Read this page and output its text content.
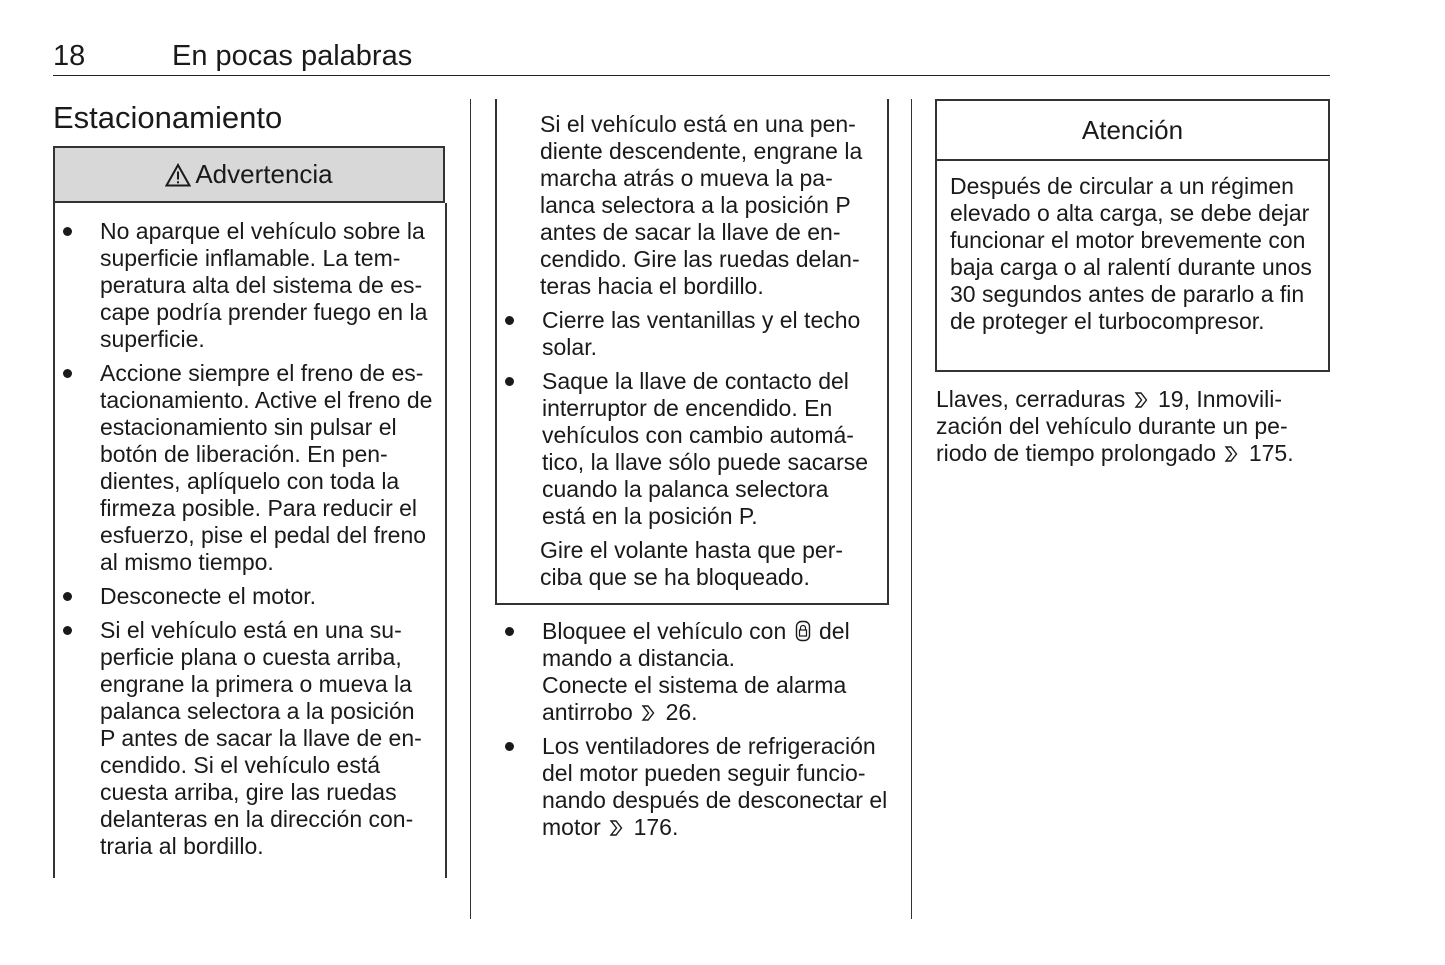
18	En pocas palabras
Estacionamiento
Advertencia
No aparque el vehículo sobre la superficie inflamable. La temperatura alta del sistema de escape podría prender fuego en la superficie.
Accione siempre el freno de estacionamiento. Active el freno de estacionamiento sin pulsar el botón de liberación. En pendientes, aplíquelo con toda la firmeza posible. Para reducir el esfuerzo, pise el pedal del freno al mismo tiempo.
Desconecte el motor.
Si el vehículo está en una superficie plana o cuesta arriba, engrane la primera o mueva la palanca selectora a la posición P antes de sacar la llave de encendido. Si el vehículo está cuesta arriba, gire las ruedas delanteras en la dirección contraria al bordillo.

Si el vehículo está en una pendiente descendente, engrane la marcha atrás o mueva la palanca selectora a la posición P antes de sacar la llave de encendido. Gire las ruedas delanteras hacia el bordillo.

Cierre las ventanillas y el techo solar.
Saque la llave de contacto del interruptor de encendido. En vehículos con cambio automático, la llave sólo puede sacarse cuando la palanca selectora está en la posición P.

Gire el volante hasta que perciba que se ha bloqueado.

Bloquee el vehículo con del mando a distancia.

Conecte el sistema de alarma antirrobo 26.

Los ventiladores de refrigeración del motor pueden seguir funcionando después de desconectar el motor 176.
Atención
Después de circular a un régimen elevado o alta carga, se debe dejar funcionar el motor brevemente con baja carga o al ralentí durante unos 30 segundos antes de pararlo a fin de proteger el turbocompresor.
Llaves, cerraduras 19, Inmovilización del vehículo durante un periodo de tiempo prolongado 175.
